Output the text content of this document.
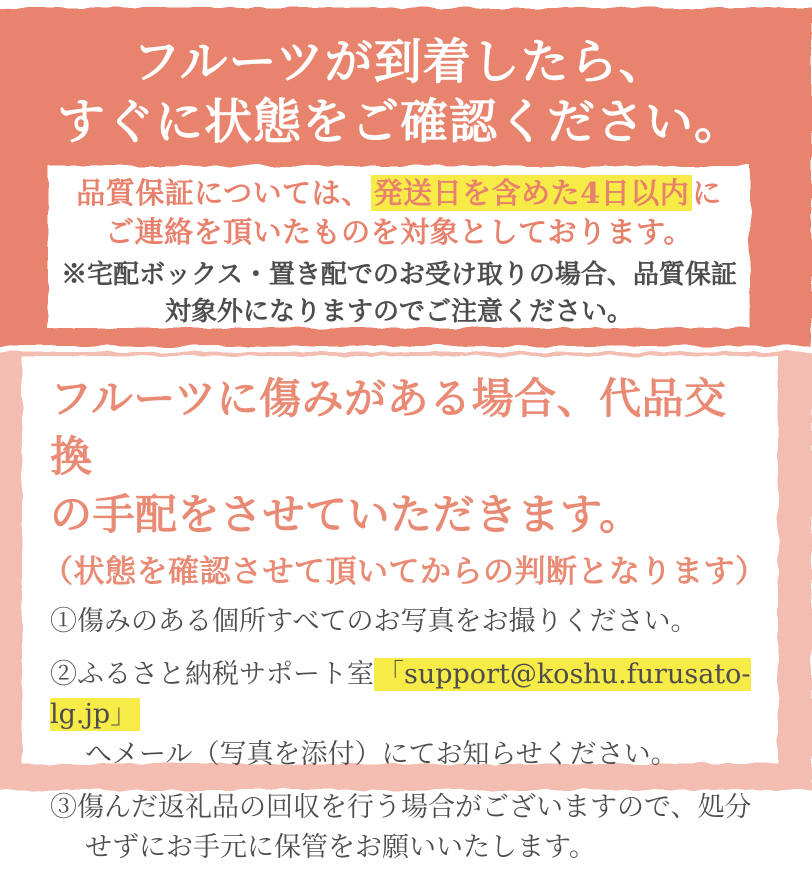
フルーツが到着したら、
すぐに状態をご確認ください。
品質保証については、 発送日を含めた4日以内 に
ご連絡を頂いたものを対象としております。
※宅配ボックス・置き配でのお受け取りの場合、品質保証
対象外になりますのでご注意ください。
フルーツに傷みがある場合、代品交換
の手配をさせていただきます。
（状態を確認させて頂いてからの判断となります）
①傷みのある個所すべてのお写真をお撮りください。
②ふるさと納税サポート室 「support@koshu.furusato-lg.jp」
へメール（写真を添付）にてお知らせください。
③傷んだ返礼品の回収を行う場合がございますので、処分
せずにお手元に保管をお願いいたします。
